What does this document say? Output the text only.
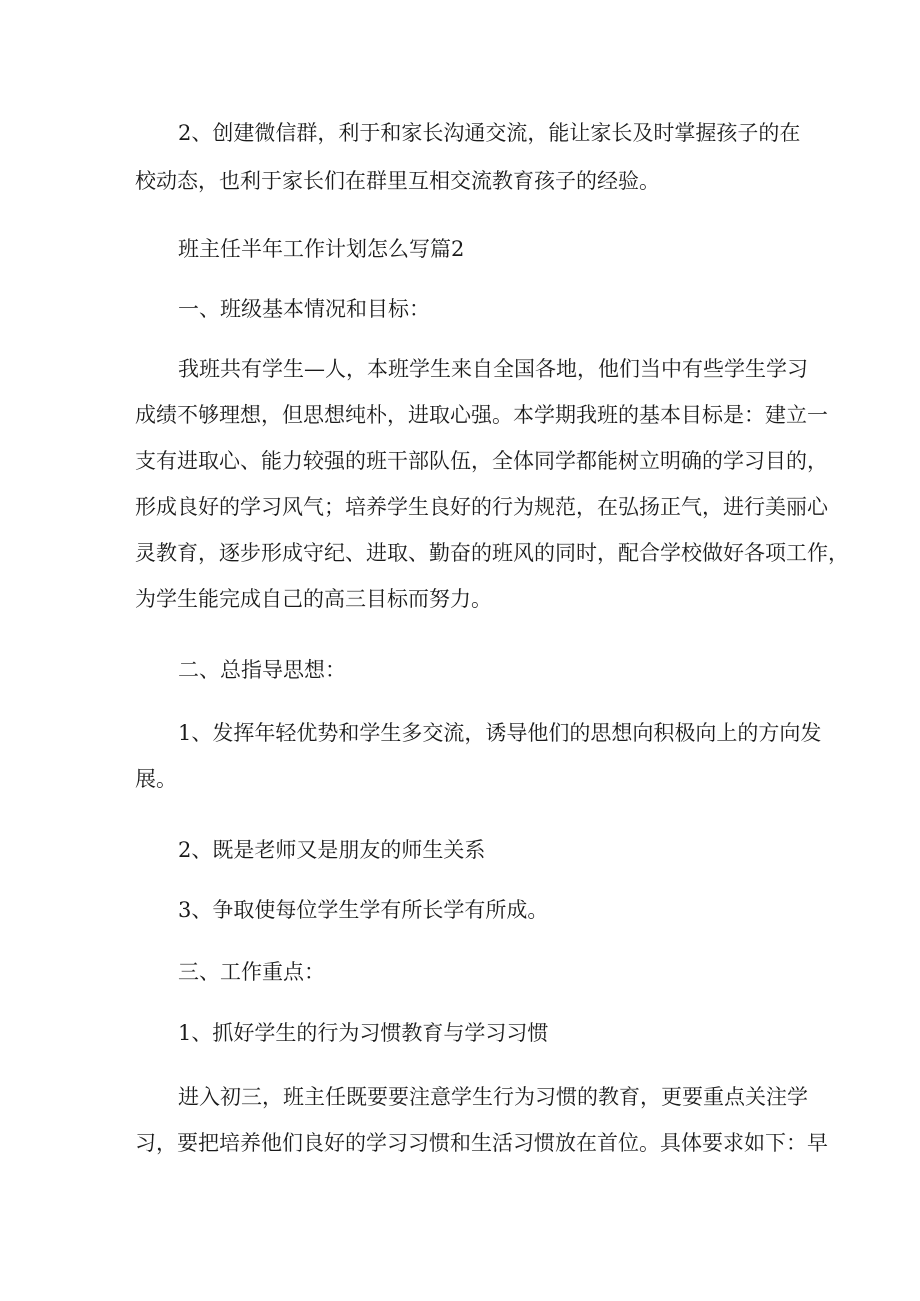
2、创建微信群，利于和家长沟通交流，能让家长及时掌握孩子的在
校动态，也利于家长们在群里互相交流教育孩子的经验。
班主任半年工作计划怎么写篇2
一、班级基本情况和目标：
我班共有学生—人，本班学生来自全国各地，他们当中有些学生学习
成绩不够理想，但思想纯朴，进取心强。本学期我班的基本目标是：建立一
支有进取心、能力较强的班干部队伍，全体同学都能树立明确的学习目的，
形成良好的学习风气；培养学生良好的行为规范，在弘扬正气，进行美丽心
灵教育，逐步形成守纪、进取、勤奋的班风的同时，配合学校做好各项工作，
为学生能完成自己的高三目标而努力。
二、总指导思想：
1、发挥年轻优势和学生多交流，诱导他们的思想向积极向上的方向发
展。
2、既是老师又是朋友的师生关系
3、争取使每位学生学有所长学有所成。
三、工作重点：
1、抓好学生的行为习惯教育与学习习惯
进入初三，班主任既要要注意学生行为习惯的教育，更要重点关注学
习，要把培养他们良好的学习习惯和生活习惯放在首位。具体要求如下：早
